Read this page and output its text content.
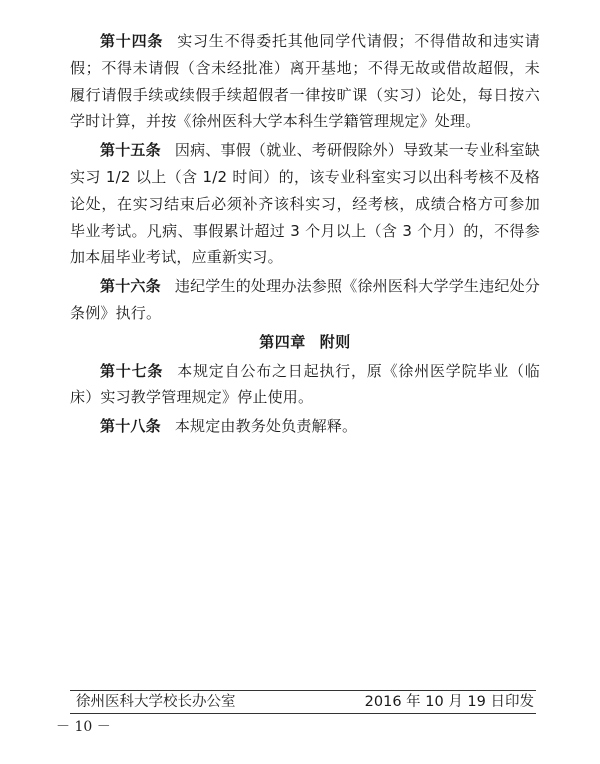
第十四条 实习生不得委托其他同学代请假；不得借故和违实请假；不得未请假（含未经批准）离开基地；不得无故或借故超假，未履行请假手续或续假手续超假者一律按旷课（实习）论处，每日按六学时计算，并按《徐州医科大学本科生学籍管理规定》处理。

第十五条 因病、事假（就业、考研假除外）导致某一专业科室缺实习 1/2 以上（含 1/2 时间）的，该专业科室实习以出科考核不及格论处，在实习结束后必须补齐该科实习，经考核，成绩合格方可参加毕业考试。凡病、事假累计超过 3 个月以上（含 3 个月）的，不得参加本届毕业考试，应重新实习。

第十六条 违纪学生的处理办法参照《徐州医科大学学生违纪处分条例》执行。

第四章 附则

第十七条 本规定自公布之日起执行，原《徐州医学院毕业（临床）实习教学管理规定》停止使用。

第十八条 本规定由教务处负责解释。

徐州医科大学校长办公室	2016 年 10 月 19 日印发
－ 10 －
